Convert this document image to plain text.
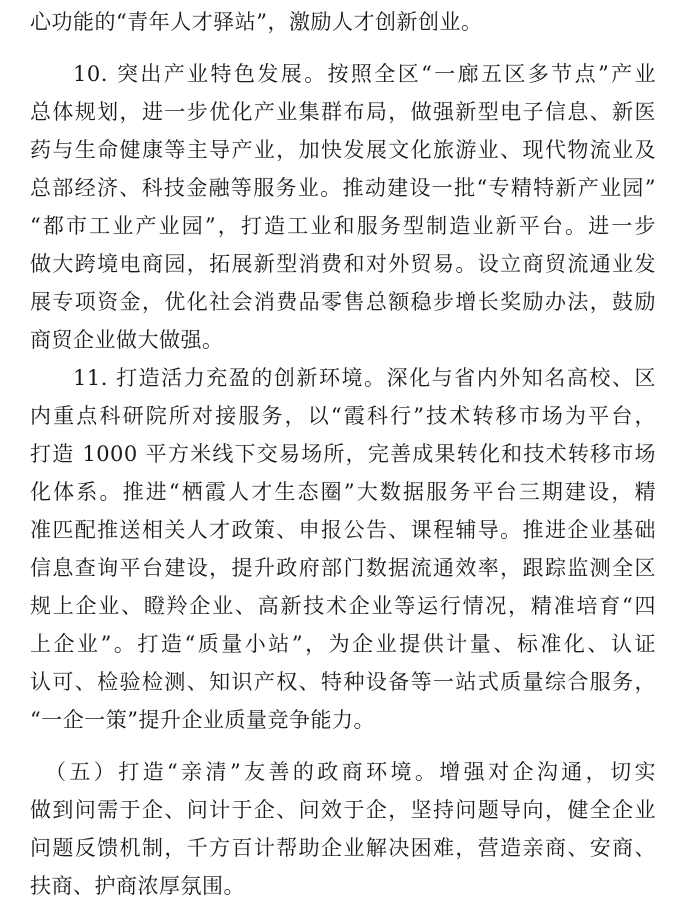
心功能的“青年人才驿站”，激励人才创新创业。
10. 突出产业特色发展。按照全区“一廊五区多节点”产业
总体规划，进一步优化产业集群布局，做强新型电子信息、新医
药与生命健康等主导产业，加快发展文化旅游业、现代物流业及
总部经济、科技金融等服务业。推动建设一批“专精特新产业园”
“都市工业产业园”，打造工业和服务型制造业新平台。进一步
做大跨境电商园，拓展新型消费和对外贸易。设立商贸流通业发
展专项资金，优化社会消费品零售总额稳步增长奖励办法，鼓励
商贸企业做大做强。
11. 打造活力充盈的创新环境。深化与省内外知名高校、区
内重点科研院所对接服务，以“霞科行”技术转移市场为平台，
打造 1000 平方米线下交易场所，完善成果转化和技术转移市场
化体系。推进“栖霞人才生态圈”大数据服务平台三期建设，精
准匹配推送相关人才政策、申报公告、课程辅导。推进企业基础
信息查询平台建设，提升政府部门数据流通效率，跟踪监测全区
规上企业、瞪羚企业、高新技术企业等运行情况，精准培育“四
上企业”。打造“质量小站”，为企业提供计量、标准化、认证
认可、检验检测、知识产权、特种设备等一站式质量综合服务，
“一企一策”提升企业质量竞争能力。
（五）打造“亲清”友善的政商环境。增强对企沟通，切实
做到问需于企、问计于企、问效于企，坚持问题导向，健全企业
问题反馈机制，千方百计帮助企业解决困难，营造亲商、安商、
扶商、护商浓厚氛围。
